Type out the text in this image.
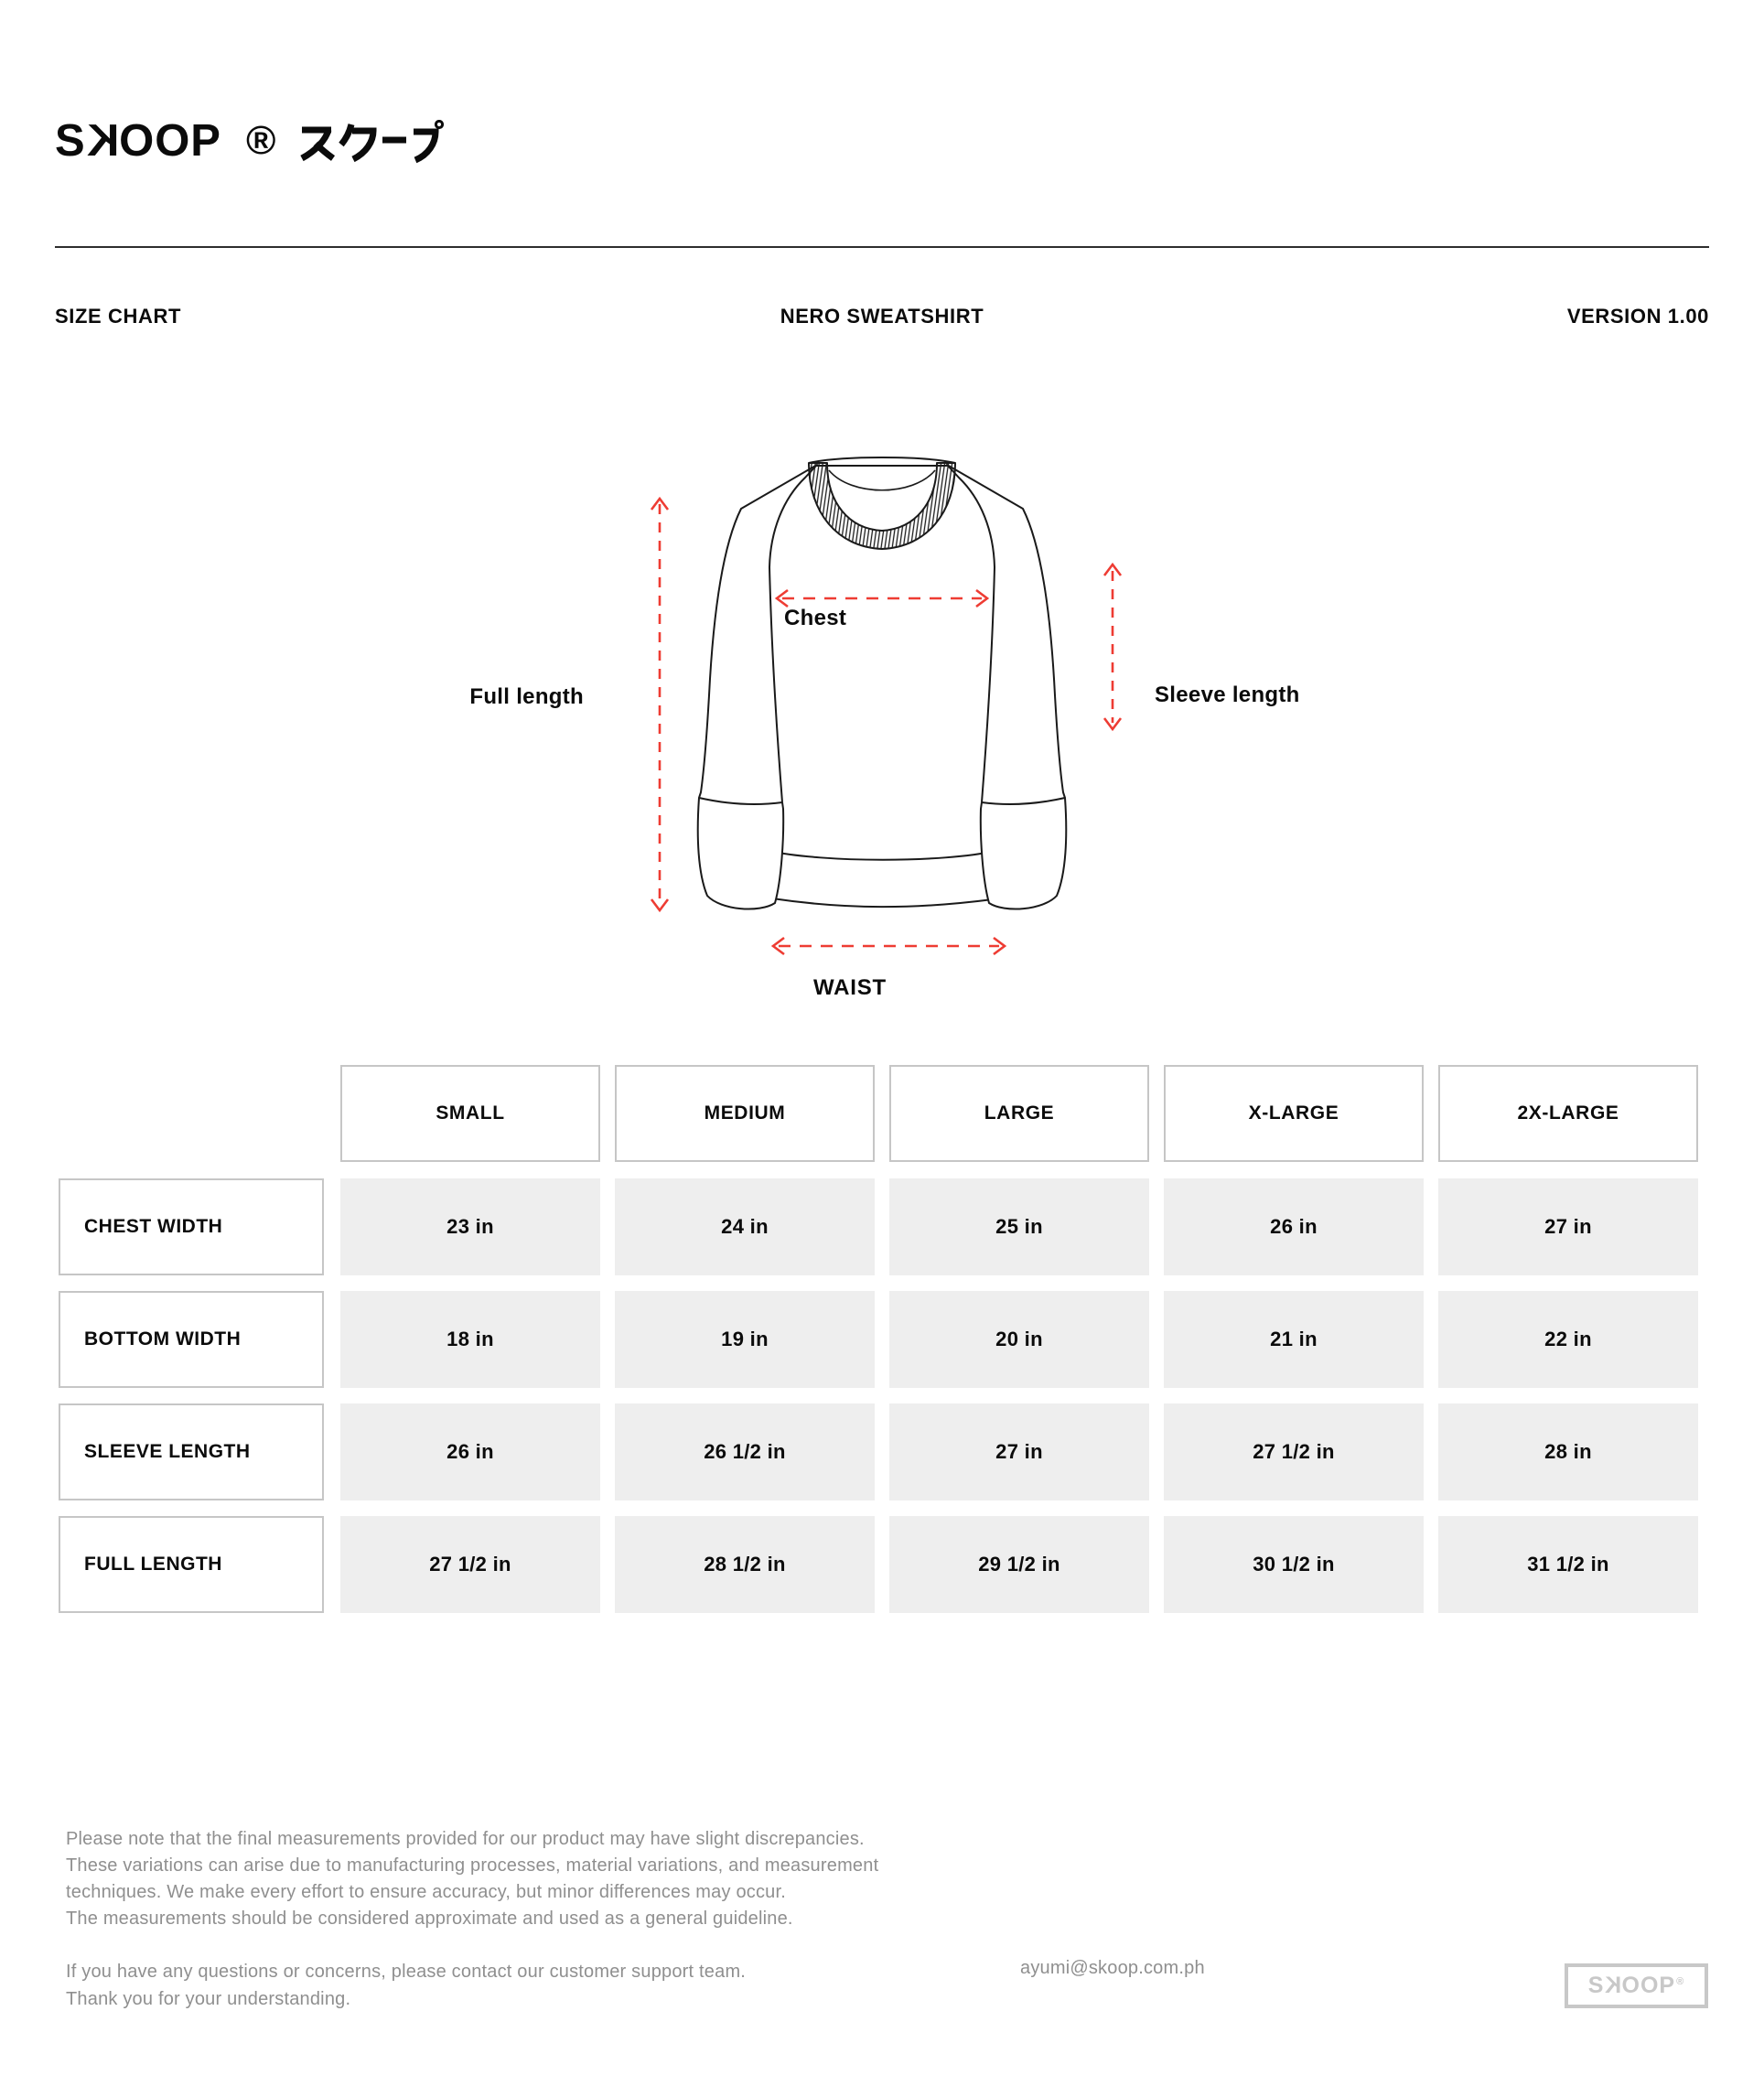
S K OOP ®
SIZE CHART	NERO SWEATSHIRT	VERSION 1.00
Full length
Chest
Sleeve length
WAIST
SMALL	MEDIUM	LARGE	X-LARGE	2X-LARGE
CHEST WIDTH	23 in	24 in	25 in	26 in	27 in
BOTTOM WIDTH	18 in	19 in	20 in	21 in	22 in
SLEEVE LENGTH	26 in	26 1/2 in	27 in	27 1/2 in	28 in
FULL LENGTH	27 1/2 in	28 1/2 in	29 1/2 in	30 1/2 in	31 1/2 in
Please note that the final measurements provided for our product may have slight discrepancies.
These variations can arise due to manufacturing processes, material variations, and measurement
techniques. We make every effort to ensure accuracy, but minor differences may occur.
The measurements should be considered approximate and used as a general guideline.
If you have any questions or concerns, please contact our customer support team.
Thank you for your understanding.
ayumi@skoop.com.ph
SKOOP®
